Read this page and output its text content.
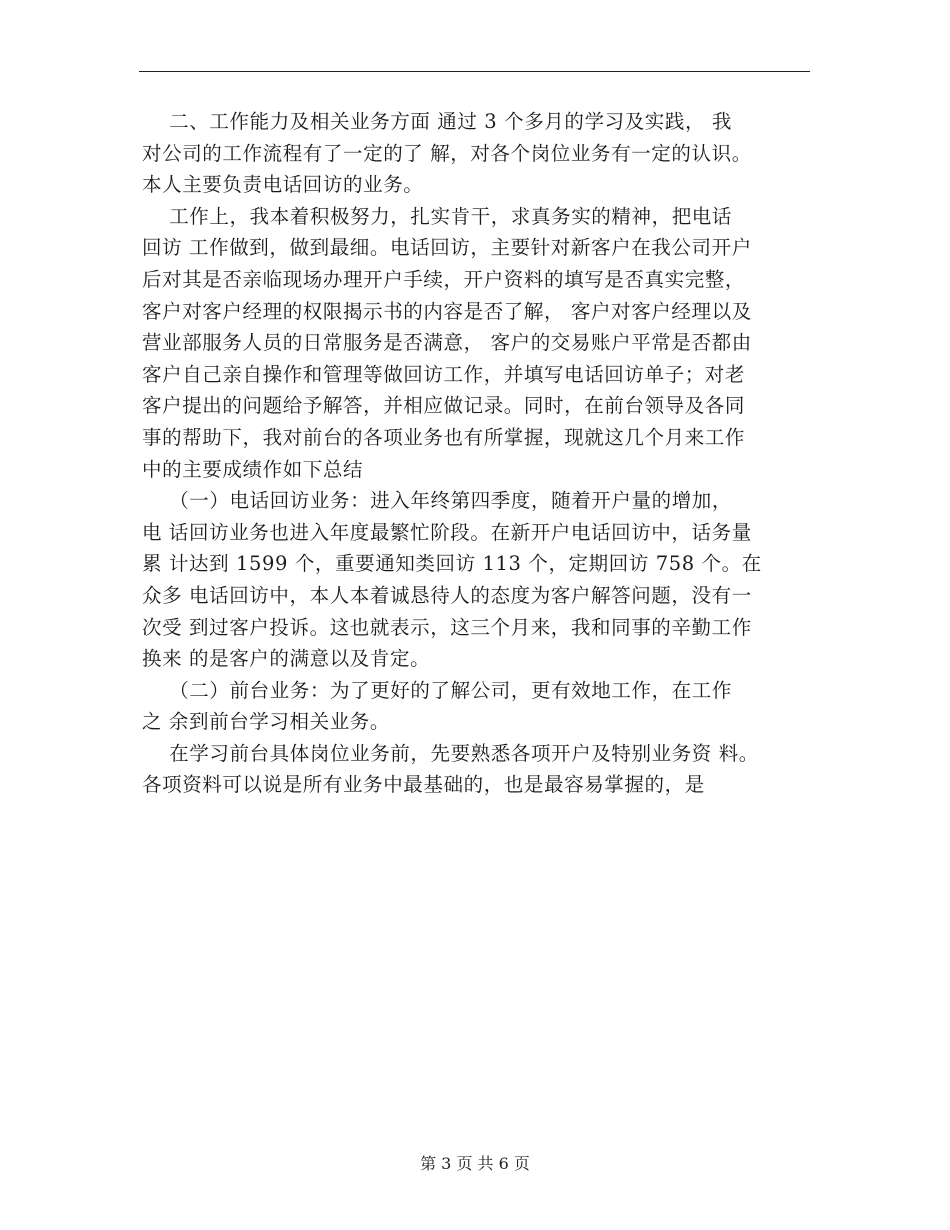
二、工作能力及相关业务方面 通过 3 个多月的学习及实践， 我
对公司的工作流程有了一定的了 解，对各个岗位业务有一定的认识。
本人主要负责电话回访的业务。
工作上，我本着积极努力，扎实肯干，求真务实的精神，把电话
回访 工作做到，做到最细。电话回访，主要针对新客户在我公司开户
后对其是否亲临现场办理开户手续，开户资料的填写是否真实完整，
客户对客户经理的权限揭示书的内容是否了解， 客户对客户经理以及
营业部服务人员的日常服务是否满意， 客户的交易账户平常是否都由
客户自己亲自操作和管理等做回访工作，并填写电话回访单子；对老
客户提出的问题给予解答，并相应做记录。同时，在前台领导及各同
事的帮助下，我对前台的各项业务也有所掌握，现就这几个月来工作
中的主要成绩作如下总结
（一）电话回访业务：进入年终第四季度，随着开户量的增加，
电 话回访业务也进入年度最繁忙阶段。在新开户电话回访中，话务量
累 计达到 1599 个，重要通知类回访 113 个，定期回访 758 个。在
众多 电话回访中，本人本着诚恳待人的态度为客户解答问题，没有一
次受 到过客户投诉。这也就表示，这三个月来，我和同事的辛勤工作
换来 的是客户的满意以及肯定。
（二）前台业务：为了更好的了解公司，更有效地工作，在工作
之 余到前台学习相关业务。
在学习前台具体岗位业务前，先要熟悉各项开户及特别业务资 料。
各项资料可以说是所有业务中最基础的，也是最容易掌握的，是
第 3 页 共 6 页
